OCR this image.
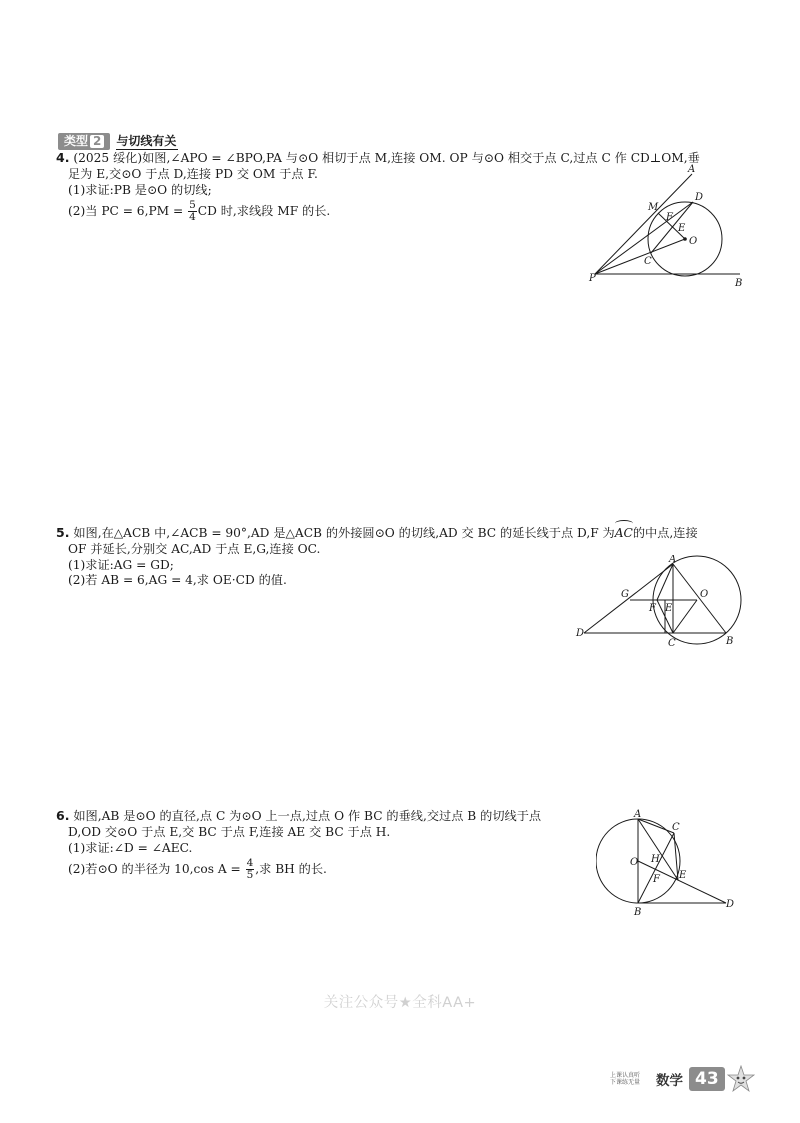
类型 2 与切线有关
4. (2025 绥化)如图,∠APO = ∠BPO,PA 与⊙O 相切于点 M,连接 OM. OP 与⊙O 相交于点 C,过点 C 作 CD⊥OM,垂
足为 E,交⊙O 于点 D,连接 PD 交 OM 于点 F.
(1)求证:PB 是⊙O 的切线;
(2)当 PC = $6,PM = \frac{5}{4}$ CD 时,求线段 MF 的长.
A
D
M
F
E
O
C
P	B
5. 如图,在△ACB 中,∠ACB = 90°,AD 是△ACB 的外接圆⊙O 的切线,AD 交 BC 的延长线于点 D,F 为
AC的中点,连接
OF 并延长,分别交 AC,AD 于点 E,G,连接 OC.
(1)求证:AG = GD;
(2)若 AB = 6,AG = 4,求 OE·CD 的值.
A
G	O
F E
D
C	B
6. 如图,AB 是⊙O 的直径,点 C 为⊙O 上一点,过点 O 作 BC 的垂线,交过点 B 的切线于点
D,OD 交⊙O 于点 E,交 BC 于点 F,连接 AE 交 BC 于点 H.
(1)求证:∠D = ∠AEC.
(2)若⊙O 的半径为 10,cos $A = \frac{4}{5}$ ,求 BH 的长.
A
C
O H
F E
B
D
关注公众号★全科AA+
上课认真听
下课练无量	数学 43
